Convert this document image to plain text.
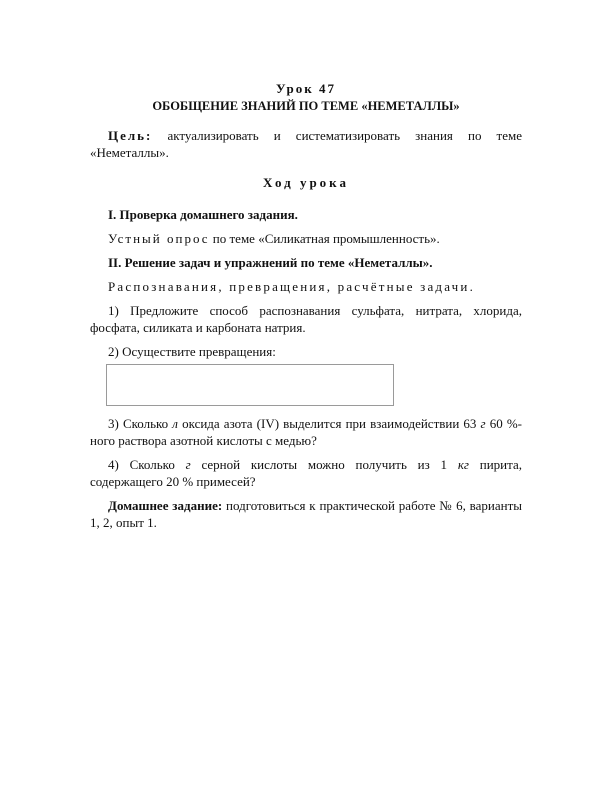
Урок 47
ОБОБЩЕНИЕ ЗНАНИЙ ПО ТЕМЕ «НЕМЕТАЛЛЫ»

Цель: актуализировать и систематизировать знания по теме «Неметаллы».

Ход урока

I. Проверка домашнего задания.

Устный опрос по теме «Силикатная промышленность».

II. Решение задач и упражнений по теме «Неметаллы».

Распознавания, превращения, расчётные задачи.

1) Предложите способ распознавания сульфата, нитрата, хлорида, фосфата, силиката и карбоната натрия.

2) Осуществите превращения:

3) Сколько л оксида азота (IV) выделится при взаимодействии 63 г 60 %-ного раствора азотной кислоты с медью?

4) Сколько г серной кислоты можно получить из 1 кг пирита, содержащего 20 % примесей?

Домашнее задание: подготовиться к практической работе № 6, варианты 1, 2, опыт 1.
